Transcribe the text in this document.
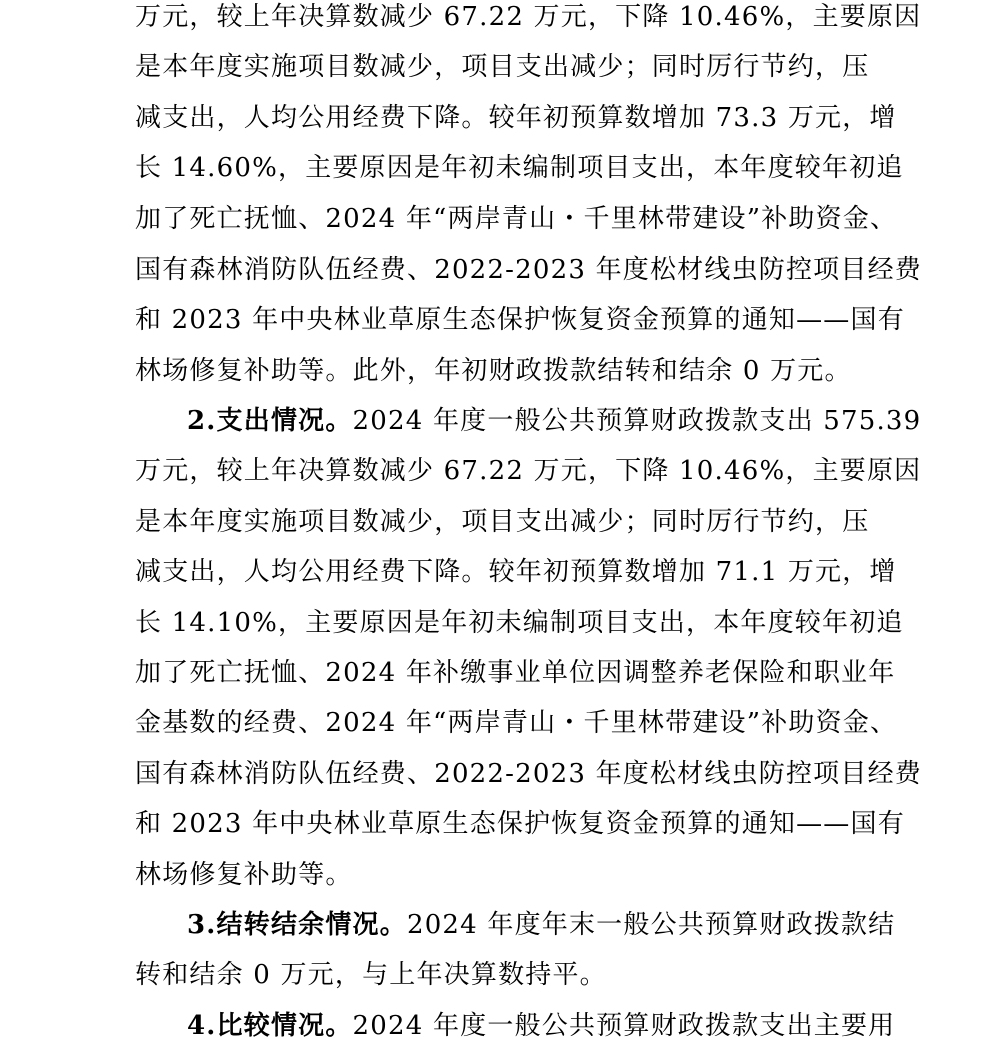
万元，较上年决算数减少 67.22 万元，下降 10.46%，主要原因
是本年度实施项目数减少，项目支出减少；同时厉行节约，压
减支出，人均公用经费下降。较年初预算数增加 73.3 万元，增
长 14.60%，主要原因是年初未编制项目支出，本年度较年初追
加了死亡抚恤、2024 年“两岸青山・千里林带建设”补助资金、
国有森林消防队伍经费、2022-2023 年度松材线虫防控项目经费
和 2023 年中央林业草原生态保护恢复资金预算的通知——国有
林场修复补助等。此外，年初财政拨款结转和结余 0 万元。
2.支出情况。2024 年度一般公共预算财政拨款支出 575.39
万元，较上年决算数减少 67.22 万元，下降 10.46%，主要原因
是本年度实施项目数减少，项目支出减少；同时厉行节约，压
减支出，人均公用经费下降。较年初预算数增加 71.1 万元，增
长 14.10%，主要原因是年初未编制项目支出，本年度较年初追
加了死亡抚恤、2024 年补缴事业单位因调整养老保险和职业年
金基数的经费、2024 年“两岸青山・千里林带建设”补助资金、
国有森林消防队伍经费、2022-2023 年度松材线虫防控项目经费
和 2023 年中央林业草原生态保护恢复资金预算的通知——国有
林场修复补助等。
3.结转结余情况。2024 年度年末一般公共预算财政拨款结
转和结余 0 万元，与上年决算数持平。
4.比较情况。2024 年度一般公共预算财政拨款支出主要用
